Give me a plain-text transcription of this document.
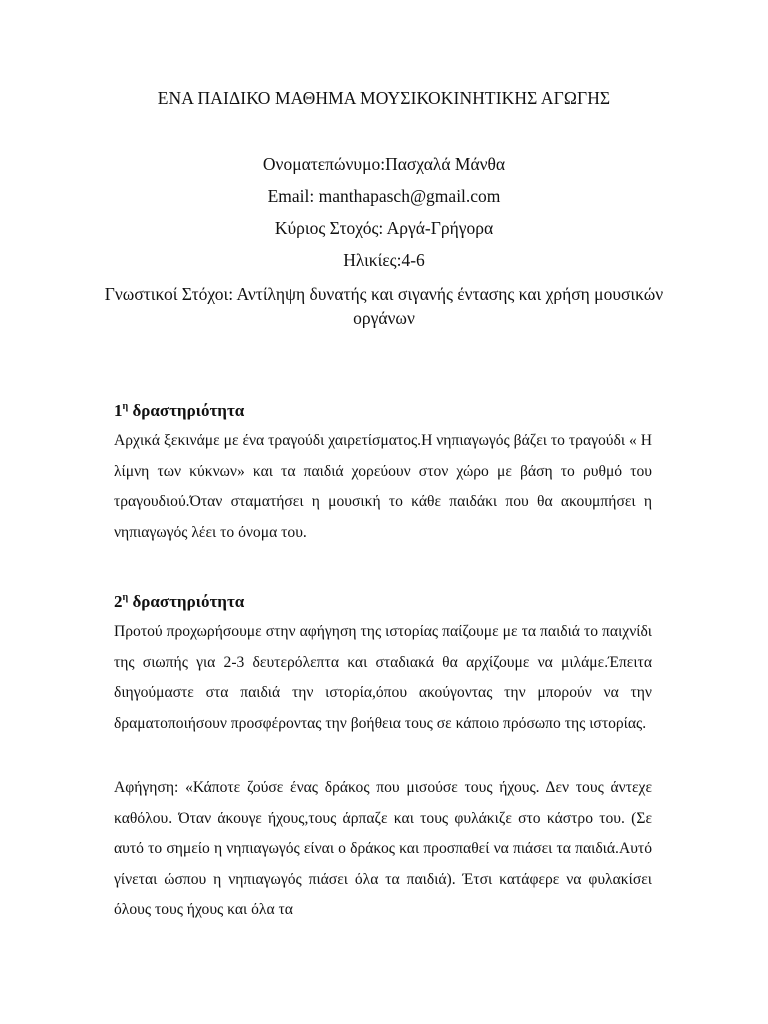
ΕΝΑ ΠΑΙΔΙΚΟ ΜΑΘΗΜΑ ΜΟΥΣΙΚΟΚΙΝΗΤΙΚΗΣ ΑΓΩΓΗΣ
Ονοματεπώνυμο:Πασχαλά Μάνθα
Email: manthapasch@gmail.com
Κύριος Στοχός: Αργά-Γρήγορα
Ηλικίες:4-6
Γνωστικοί Στόχοι: Αντίληψη δυνατής και σιγανής έντασης και χρήση μουσικών οργάνων
$1^\eta$ δραστηριότητα
Αρχικά ξεκινάμε με ένα τραγούδι χαιρετίσματος.Η νηπιαγωγός βάζει το τραγούδι « Η λίμνη των κύκνων» και τα παιδιά χορεύουν στον χώρο με βάση το ρυθμό του τραγουδιού.Όταν σταματήσει η μουσική το κάθε παιδάκι που θα ακουμπήσει η νηπιαγωγός λέει το όνομα του.
$2^\eta$ δραστηριότητα
Προτού προχωρήσουμε στην αφήγηση της ιστορίας παίζουμε με τα παιδιά το παιχνίδι της σιωπής για 2-3 δευτερόλεπτα και σταδιακά θα αρχίζουμε να μιλάμε.Έπειτα διηγούμαστε στα παιδιά την ιστορία,όπου ακούγοντας την μπορούν να την δραματοποιήσουν προσφέροντας την βοήθεια τους σε κάποιο πρόσωπο της ιστορίας.
Αφήγηση: «Κάποτε ζούσε ένας δράκος που μισούσε τους ήχους. Δεν τους άντεχε καθόλου. Όταν άκουγε ήχους,τους άρπαζε και τους φυλάκιζε στο κάστρο του. (Σε αυτό το σημείο η νηπιαγωγός είναι ο δράκος και προσπαθεί να πιάσει τα παιδιά.Αυτό γίνεται ώσπου η νηπιαγωγός πιάσει όλα τα παιδιά). Έτσι κατάφερε να φυλακίσει όλους τους ήχους και όλα τα
